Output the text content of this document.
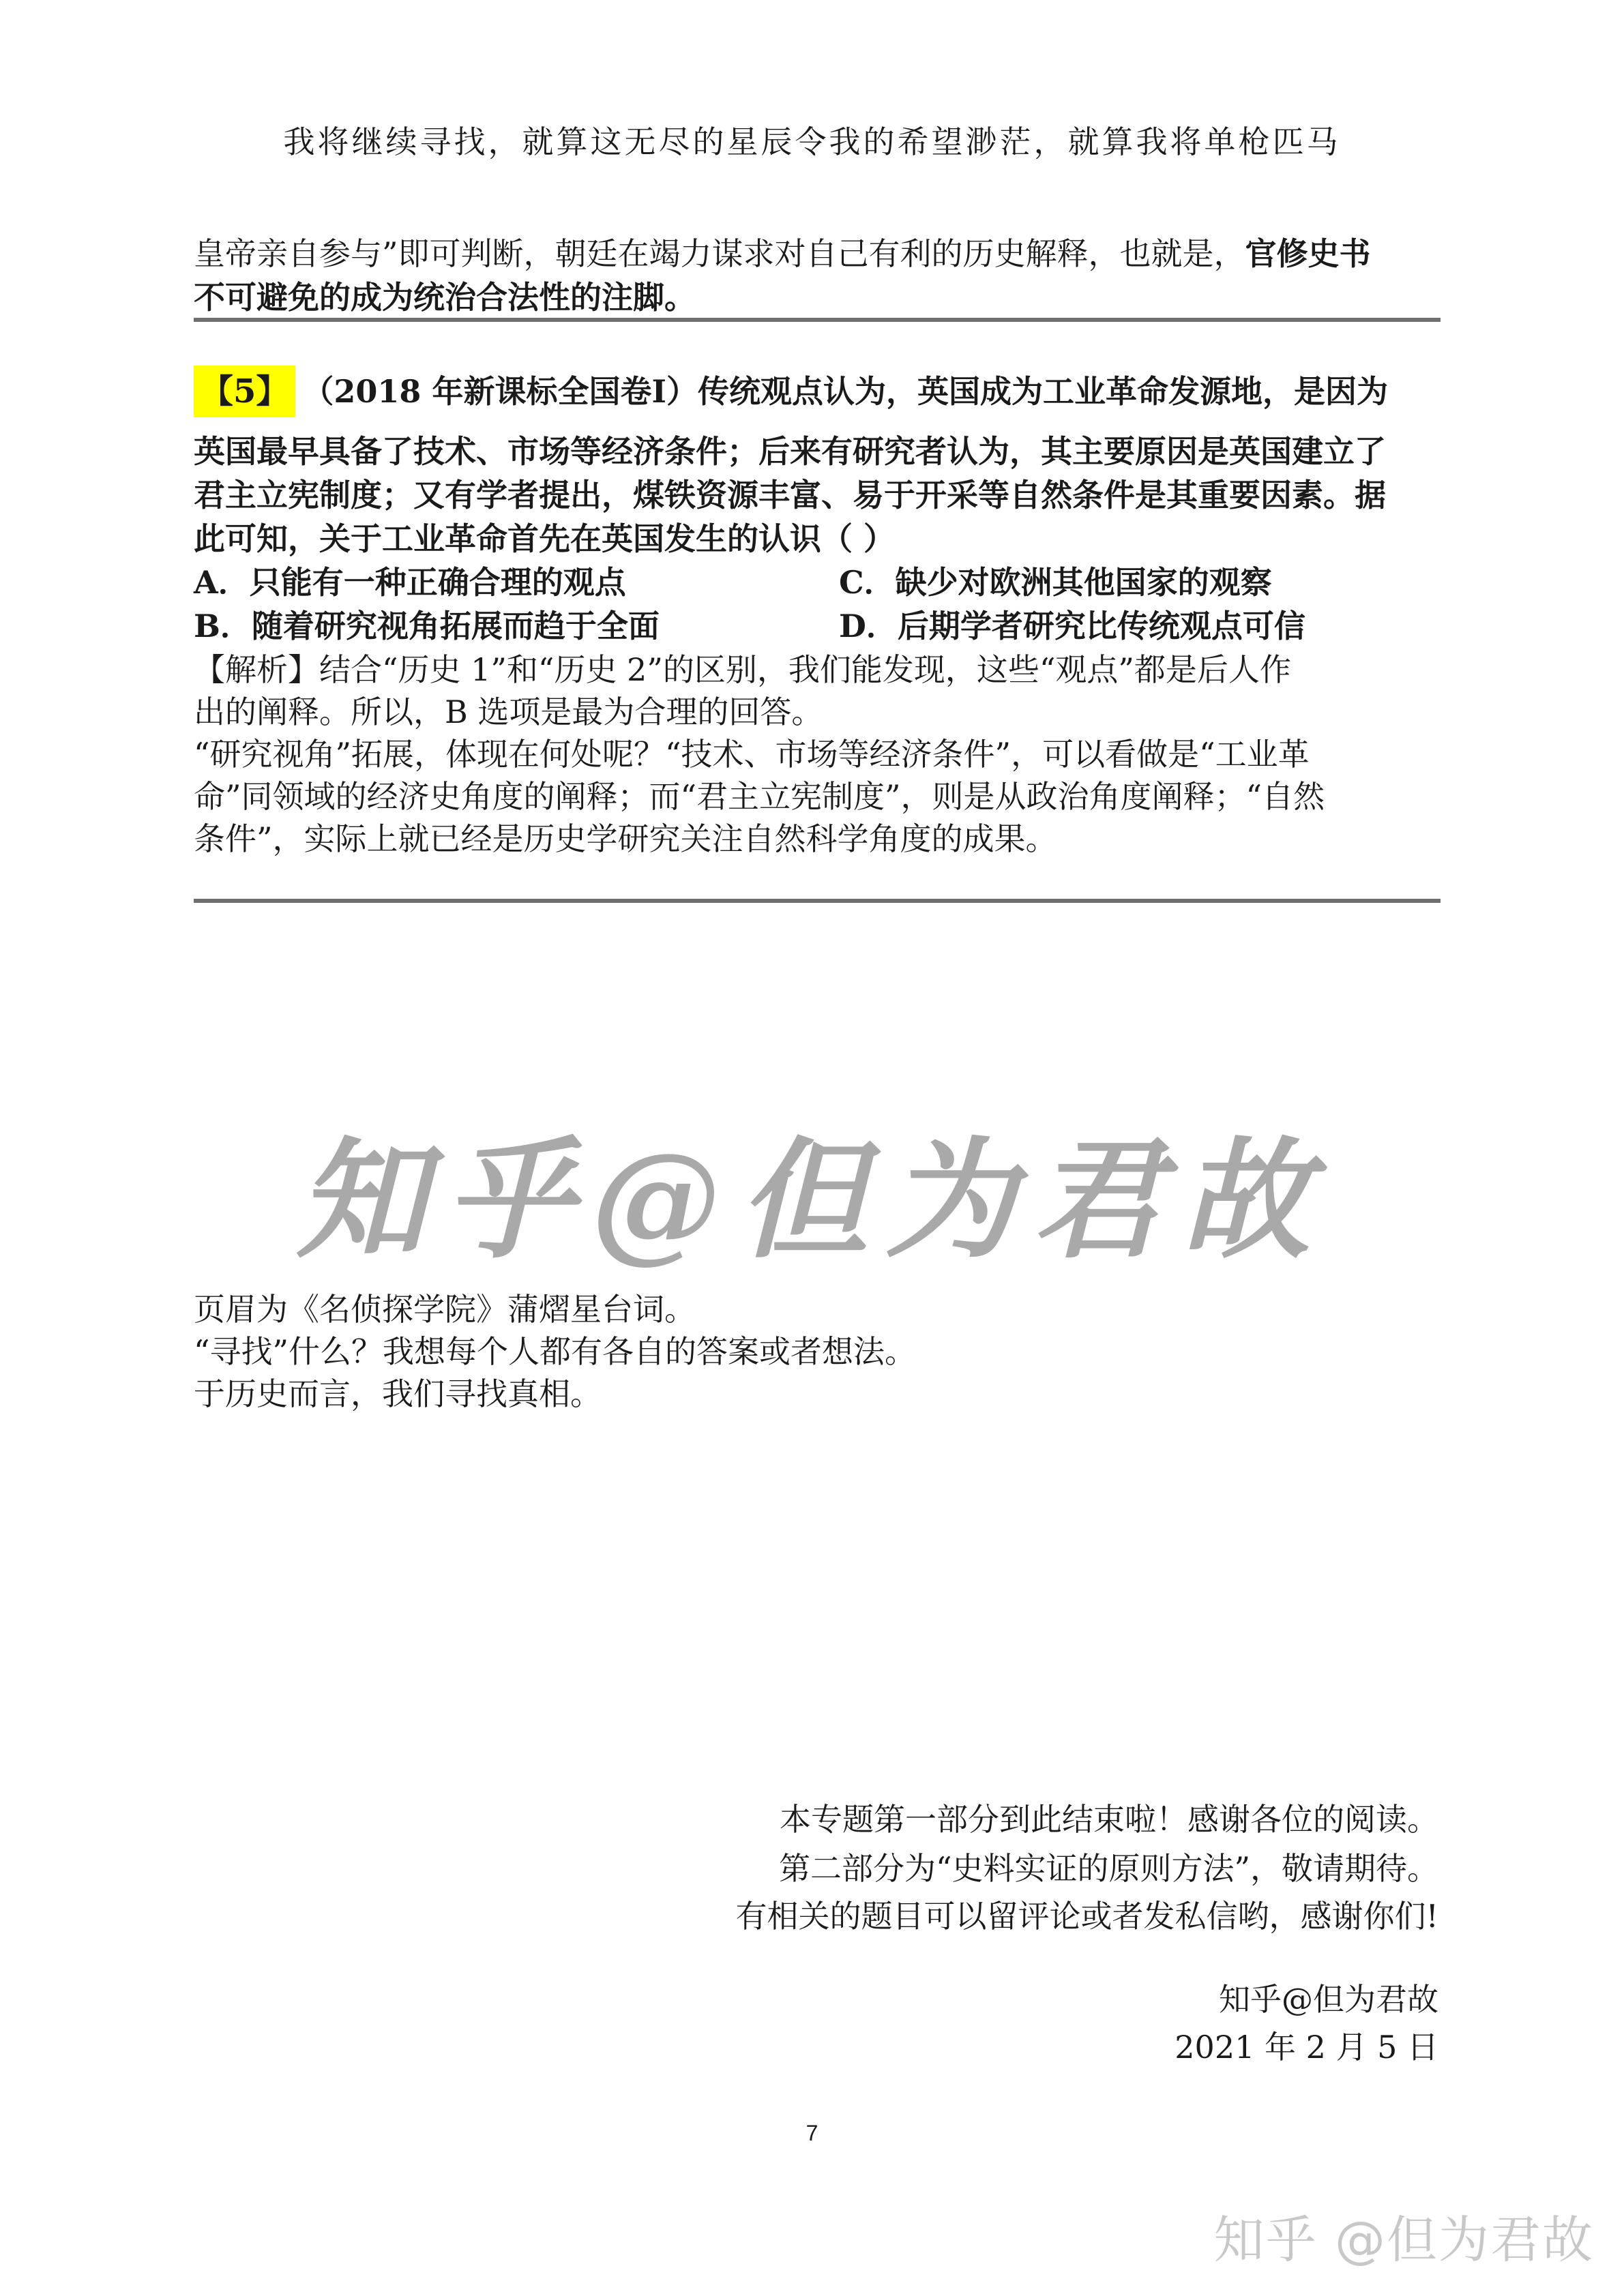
我将继续寻找，就算这无尽的星辰令我的希望渺茫，就算我将单枪匹马
皇帝亲自参与”即可判断，朝廷在竭力谋求对自己有利的历史解释，也就是，官修史书
不可避免的成为统治合法性的注脚。
【5】 （2018 年新课标全国卷Ⅰ）传统观点认为，英国成为工业革命发源地，是因为
英国最早具备了技术、市场等经济条件；后来有研究者认为，其主要原因是英国建立了
君主立宪制度；又有学者提出，煤铁资源丰富、易于开采等自然条件是其重要因素。据
此可知，关于工业革命首先在英国发生的认识（ ）
A．只能有一种正确合理的观点	C．缺少对欧洲其他国家的观察
B．随着研究视角拓展而趋于全面	D．后期学者研究比传统观点可信
【解析】结合“历史 1”和“历史 2”的区别，我们能发现，这些“观点”都是后人作
出的阐释。所以，B 选项是最为合理的回答。
“研究视角”拓展，体现在何处呢？“技术、市场等经济条件”，可以看做是“工业革
命”同领域的经济史角度的阐释；而“君主立宪制度”，则是从政治角度阐释；“自然
条件”，实际上就已经是历史学研究关注自然科学角度的成果。
知乎@但为君故
页眉为《名侦探学院》蒲熠星台词。
“寻找”什么？我想每个人都有各自的答案或者想法。
于历史而言，我们寻找真相。
本专题第一部分到此结束啦！感谢各位的阅读。
第二部分为“史料实证的原则方法”，敬请期待。
有相关的题目可以留评论或者发私信哟，感谢你们!
知乎@但为君故
2021 年 2 月 5 日
7
知乎 @但为君故
